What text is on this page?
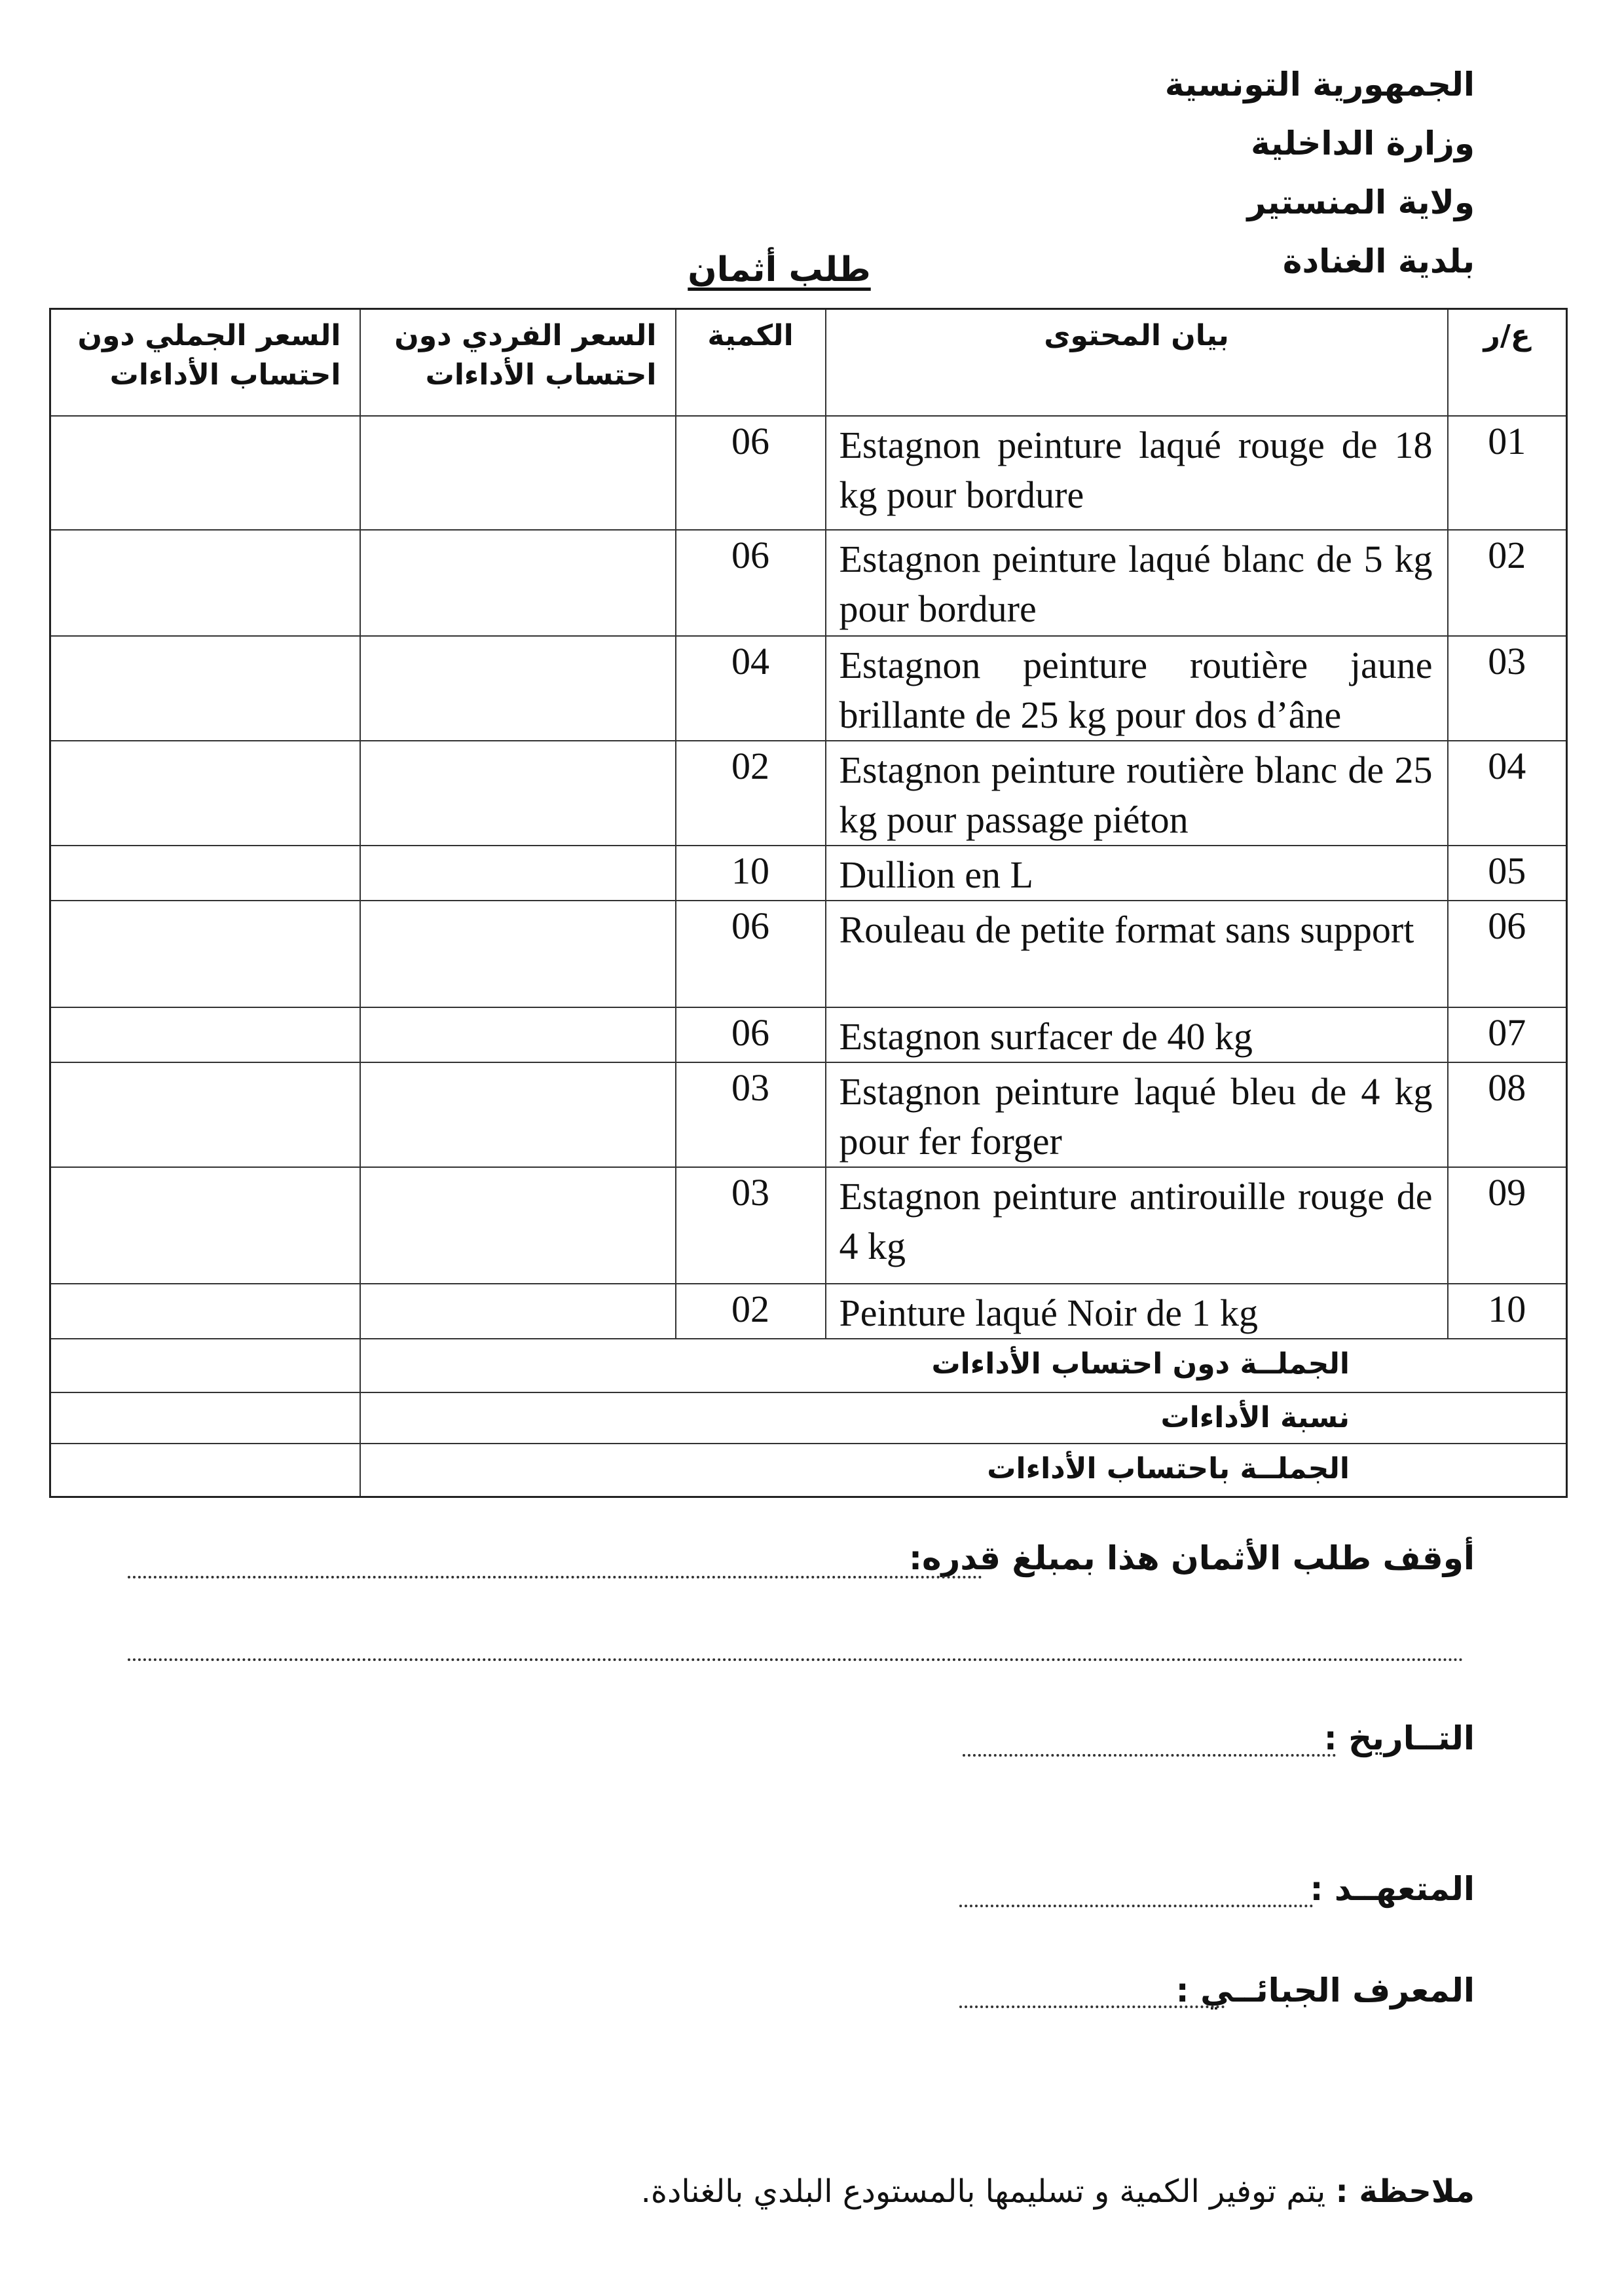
الجمهورية التونسية
وزارة الداخلية
ولاية المنستير
بلدية الغنادة
طلب أثمان
السعر الجملي دون احتساب الأداءات	السعر الفردي دون احتساب الأداءات	الكمية	بيان المحتوى	ع/ر
		06	Estagnon peinture laqué rouge de 18 kg pour bordure	01
		06	Estagnon peinture laqué blanc de 5 kg pour bordure	02
		04	Estagnon peinture routière jaune brillante de 25 kg pour dos d’âne	03
		02	Estagnon peinture routière blanc de 25 kg pour passage piéton	04
		10	Dullion en L	05
		06	Rouleau de petite format sans support	06
		06	Estagnon surfacer de 40 kg	07
		03	Estagnon peinture laqué bleu de 4 kg pour fer forger	08
		03	Estagnon peinture antirouille rouge de 4 kg	09
		02	Peinture laqué Noir de 1 kg	10
	الجملــة دون احتساب الأداءات			
	نسبة الأداءات			
	الجملــة باحتساب الأداءات			
أوقف طلب الأثمان هذا بمبلغ قدره:
التــاريخ :
المتعهــد :
المعرف الجبائــي :
ملاحظة : يتم توفير الكمية و تسليمها بالمستودع البلدي بالغنادة.
